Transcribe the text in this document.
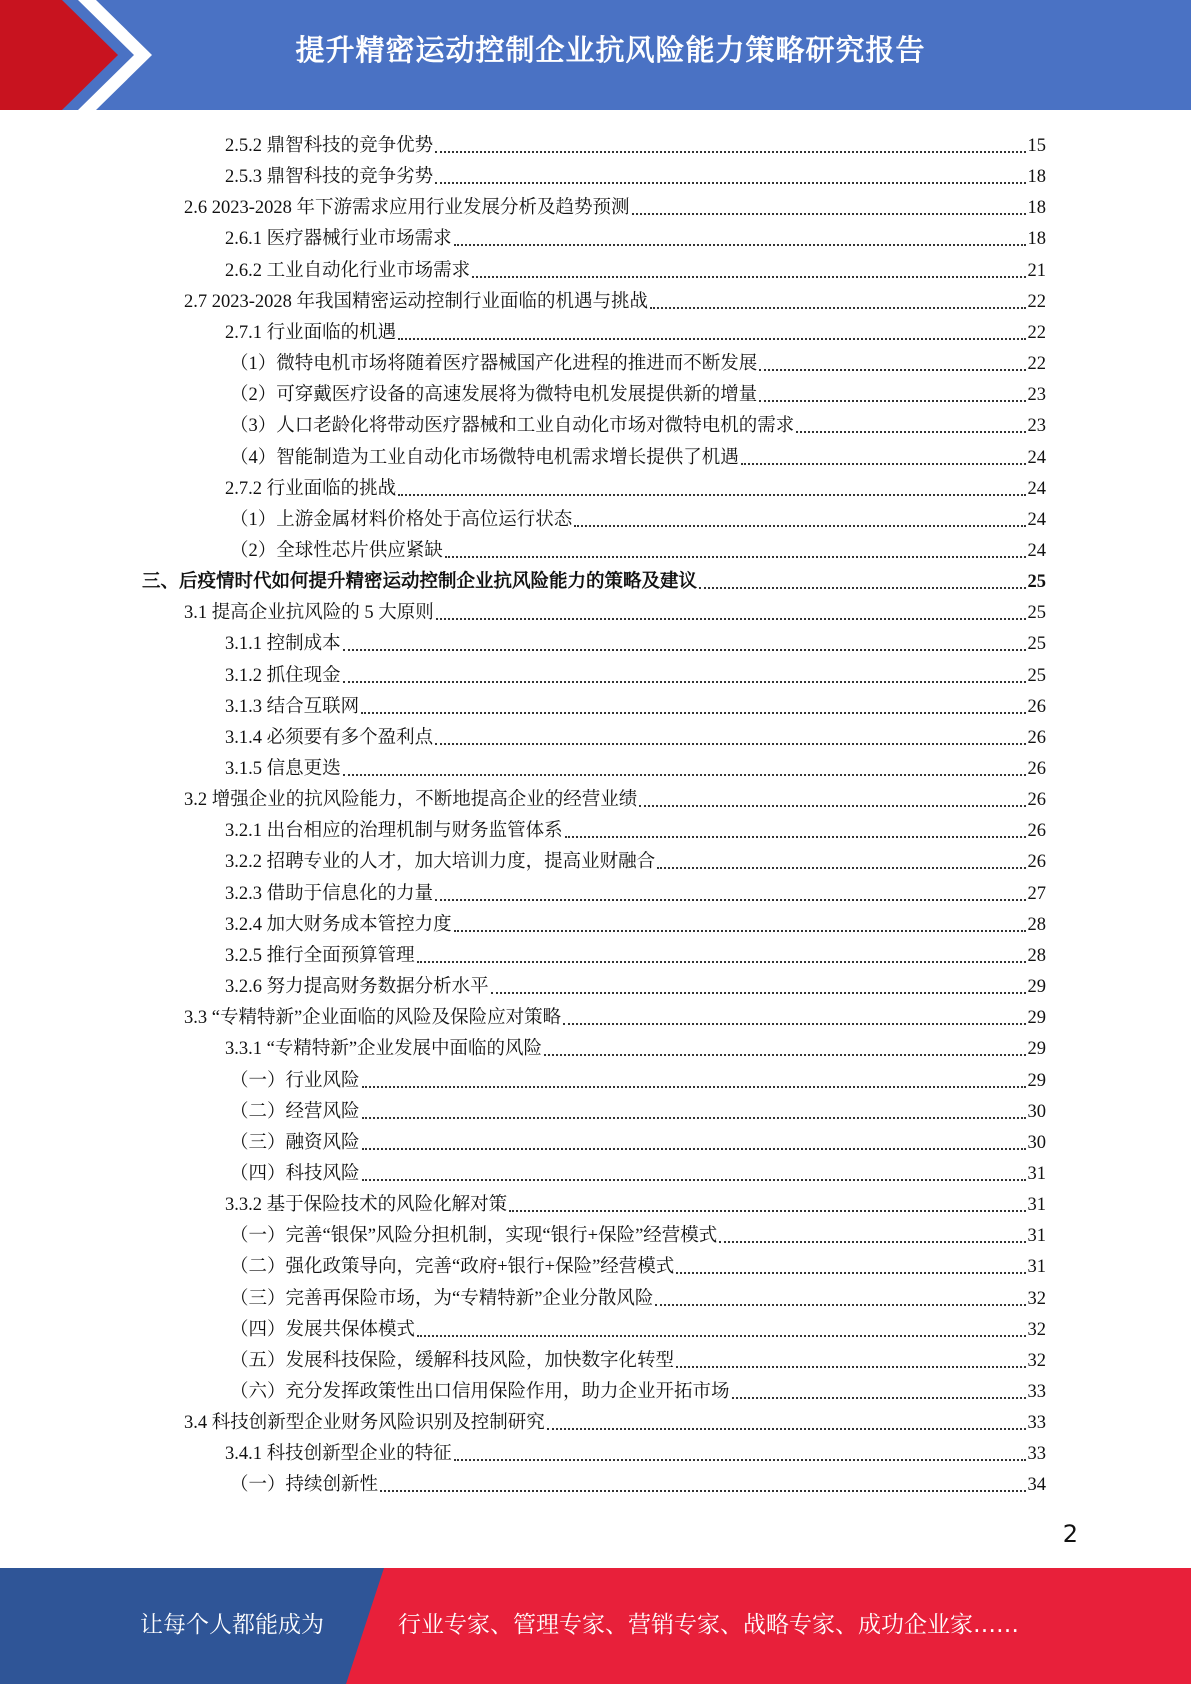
提升精密运动控制企业抗风险能力策略研究报告
2.5.2 鼎智科技的竞争优势	15
2.5.3 鼎智科技的竞争劣势	18
2.6 2023-2028 年下游需求应用行业发展分析及趋势预测	18
2.6.1 医疗器械行业市场需求	18
2.6.2 工业自动化行业市场需求	21
2.7 2023-2028 年我国精密运动控制行业面临的机遇与挑战	22
2.7.1 行业面临的机遇	22
（1）微特电机市场将随着医疗器械国产化进程的推进而不断发展	22
（2）可穿戴医疗设备的高速发展将为微特电机发展提供新的增量	23
（3）人口老龄化将带动医疗器械和工业自动化市场对微特电机的需求	23
（4）智能制造为工业自动化市场微特电机需求增长提供了机遇	24
2.7.2 行业面临的挑战	24
（1）上游金属材料价格处于高位运行状态	24
（2）全球性芯片供应紧缺	24
三、后疫情时代如何提升精密运动控制企业抗风险能力的策略及建议	25
3.1 提高企业抗风险的 5 大原则	25
3.1.1 控制成本	25
3.1.2 抓住现金	25
3.1.3 结合互联网	26
3.1.4 必须要有多个盈利点	26
3.1.5 信息更迭	26
3.2 增强企业的抗风险能力，不断地提高企业的经营业绩	26
3.2.1 出台相应的治理机制与财务监管体系	26
3.2.2 招聘专业的人才，加大培训力度，提高业财融合	26
3.2.3 借助于信息化的力量	27
3.2.4 加大财务成本管控力度	28
3.2.5 推行全面预算管理	28
3.2.6 努力提高财务数据分析水平	29
3.3 “专精特新”企业面临的风险及保险应对策略	29
3.3.1 “专精特新”企业发展中面临的风险	29
（一）行业风险	29
（二）经营风险	30
（三）融资风险	30
（四）科技风险	31
3.3.2 基于保险技术的风险化解对策	31
（一）完善“银保”风险分担机制，实现“银行+保险”经营模式	31
（二）强化政策导向，完善“政府+银行+保险”经营模式	31
（三）完善再保险市场，为“专精特新”企业分散风险	32
（四）发展共保体模式	32
（五）发展科技保险，缓解科技风险，加快数字化转型	32
（六）充分发挥政策性出口信用保险作用，助力企业开拓市场	33
3.4 科技创新型企业财务风险识别及控制研究	33
3.4.1 科技创新型企业的特征	33
（一）持续创新性	34
2
让每个人都能成为	行业专家、管理专家、营销专家、战略专家、成功企业家……
